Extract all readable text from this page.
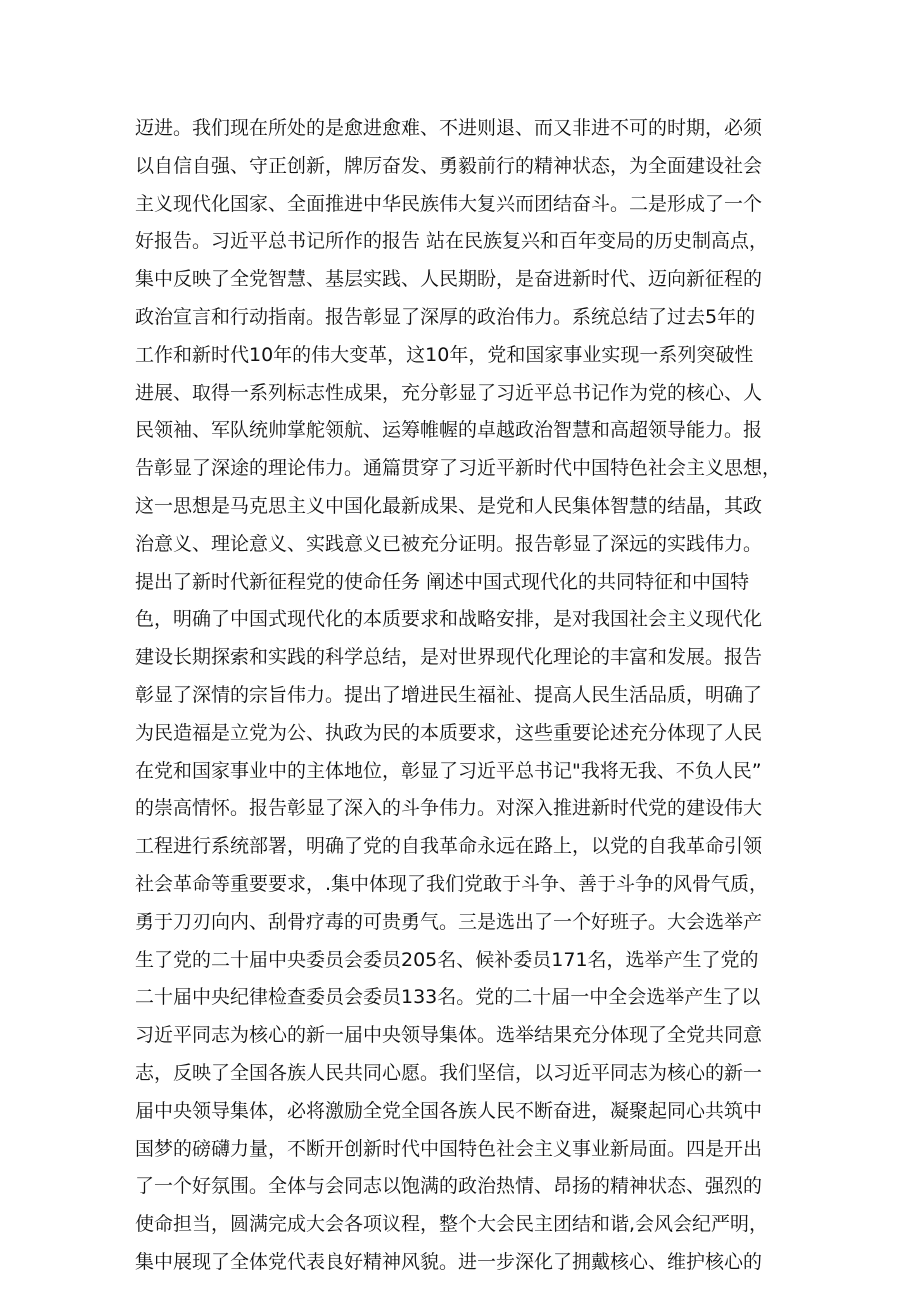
迈进。我们现在所处的是愈进愈难、不进则退、而又非进不可的时期，必须
以自信自强、守正创新，牌厉奋发、勇毅前行的精神状态，为全面建设社会
主义现代化国家、全面推进中华民族伟大复兴而团结奋斗。二是形成了一个
好报告。习近平总书记所作的报告 站在民族复兴和百年变局的历史制高点，
集中反映了全党智慧、基层实践、人民期盼，是奋进新时代、迈向新征程的
政治宣言和行动指南。报告彰显了深厚的政治伟力。系统总结了过去5年的
工作和新时代10年的伟大变革，这10年，党和国家事业实现一系列突破性
进展、取得一系列标志性成果，充分彰显了习近平总书记作为党的核心、人
民领袖、军队统帅掌舵领航、运筹帷幄的卓越政治智慧和高超领导能力。报
告彰显了深途的理论伟力。通篇贯穿了习近平新时代中国特色社会主义思想，
这一思想是马克思主义中国化最新成果、是党和人民集体智慧的结晶，其政
治意义、理论意义、实践意义已被充分证明。报告彰显了深远的实践伟力。
提出了新时代新征程党的使命任务 阐述中国式现代化的共同特征和中国特
色，明确了中国式现代化的本质要求和战略安排，是对我国社会主义现代化
建设长期探索和实践的科学总结，是对世界现代化理论的丰富和发展。报告
彰显了深情的宗旨伟力。提出了增进民生福祉、提高人民生活品质，明确了
为民造福是立党为公、执政为民的本质要求，这些重要论述充分体现了人民
在党和国家事业中的主体地位，彰显了习近平总书记"我将无我、不负人民”
的崇高情怀。报告彰显了深入的斗争伟力。对深入推进新时代党的建设伟大
工程进行系统部署，明确了党的自我革命永远在路上，以党的自我革命引领
社会革命等重要要求，.集中体现了我们党敢于斗争、善于斗争的风骨气质，
勇于刀刃向内、刮骨疗毒的可贵勇气。三是选出了一个好班子。大会选举产
生了党的二十届中央委员会委员205名、候补委员171名，选举产生了党的
二十届中央纪律检查委员会委员133名。党的二十届一中全会选举产生了以
习近平同志为核心的新一届中央领导集体。选举结果充分体现了全党共同意
志，反映了全国各族人民共同心愿。我们坚信，以习近平同志为核心的新一
届中央领导集体，必将激励全党全国各族人民不断奋进，凝聚起同心共筑中
国梦的磅礴力量，不断开创新时代中国特色社会主义事业新局面。四是开出
了一个好氛围。全体与会同志以饱满的政治热情、昂扬的精神状态、强烈的
使命担当，圆满完成大会各项议程，整个大会民主团结和谐,会风会纪严明，
集中展现了全体党代表良好精神风貌。进一步深化了拥戴核心、维护核心的
